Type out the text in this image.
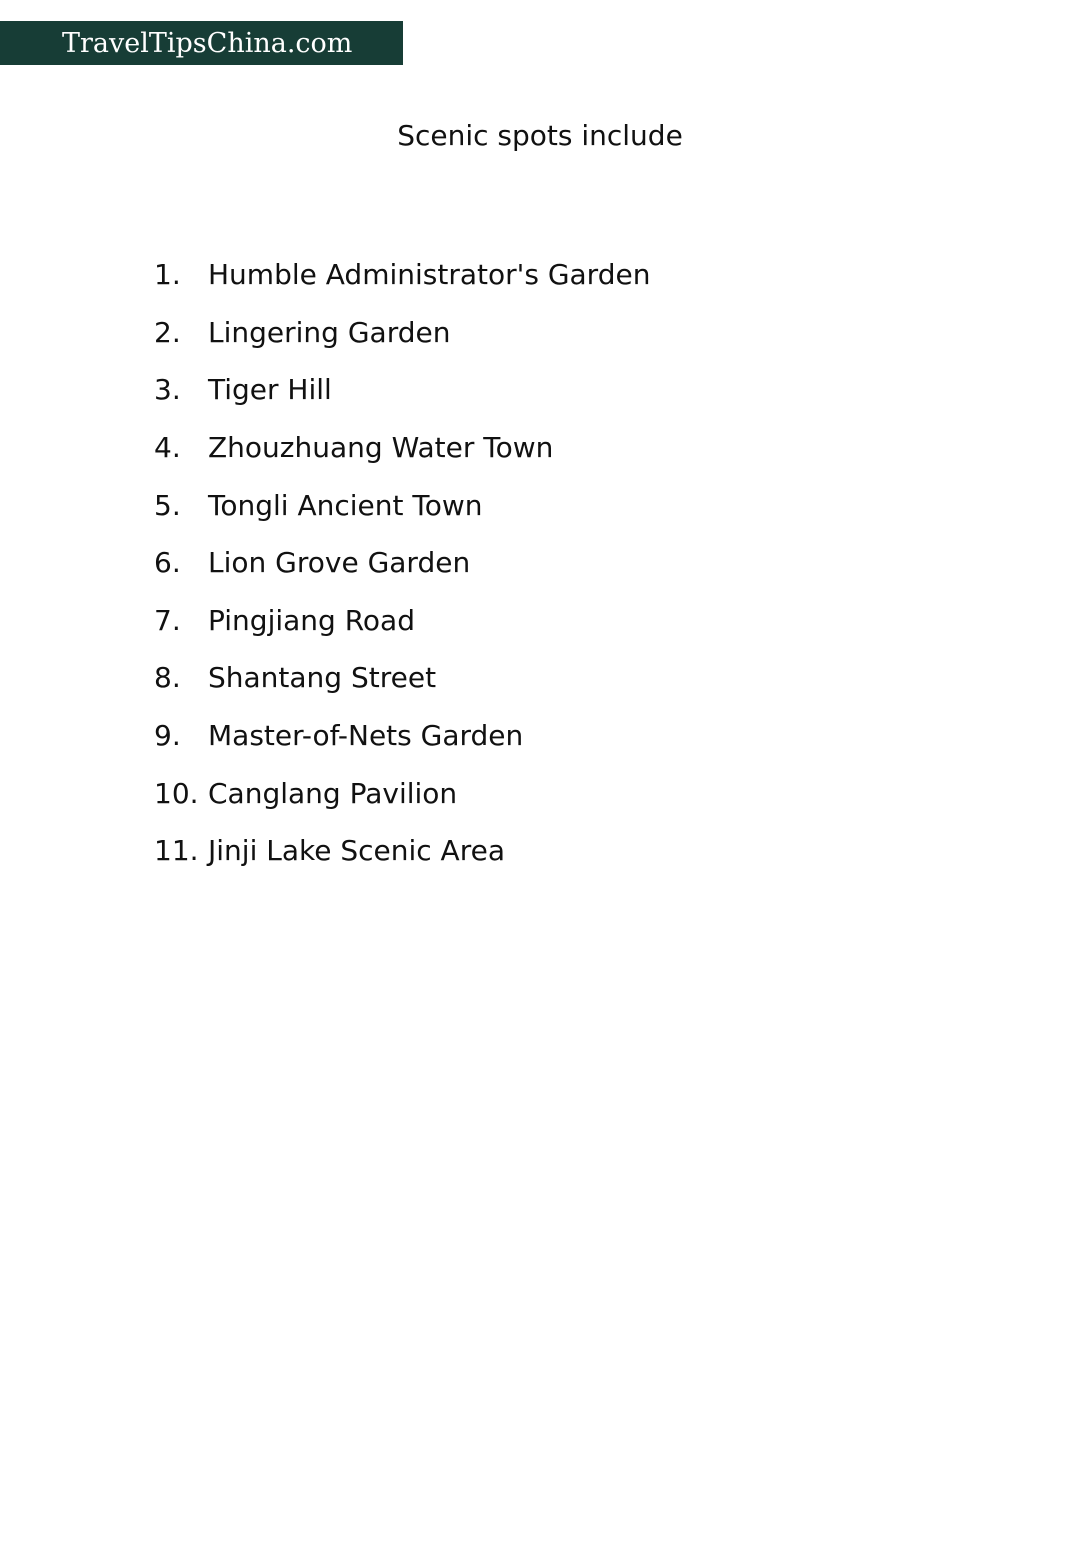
TravelTipsChina.com
Scenic spots include
1. Humble Administrator's Garden
2. Lingering Garden
3. Tiger Hill
4. Zhouzhuang Water Town
5. Tongli Ancient Town
6. Lion Grove Garden
7. Pingjiang Road
8. Shantang Street
9. Master-of-Nets Garden
10. Canglang Pavilion
11. Jinji Lake Scenic Area
